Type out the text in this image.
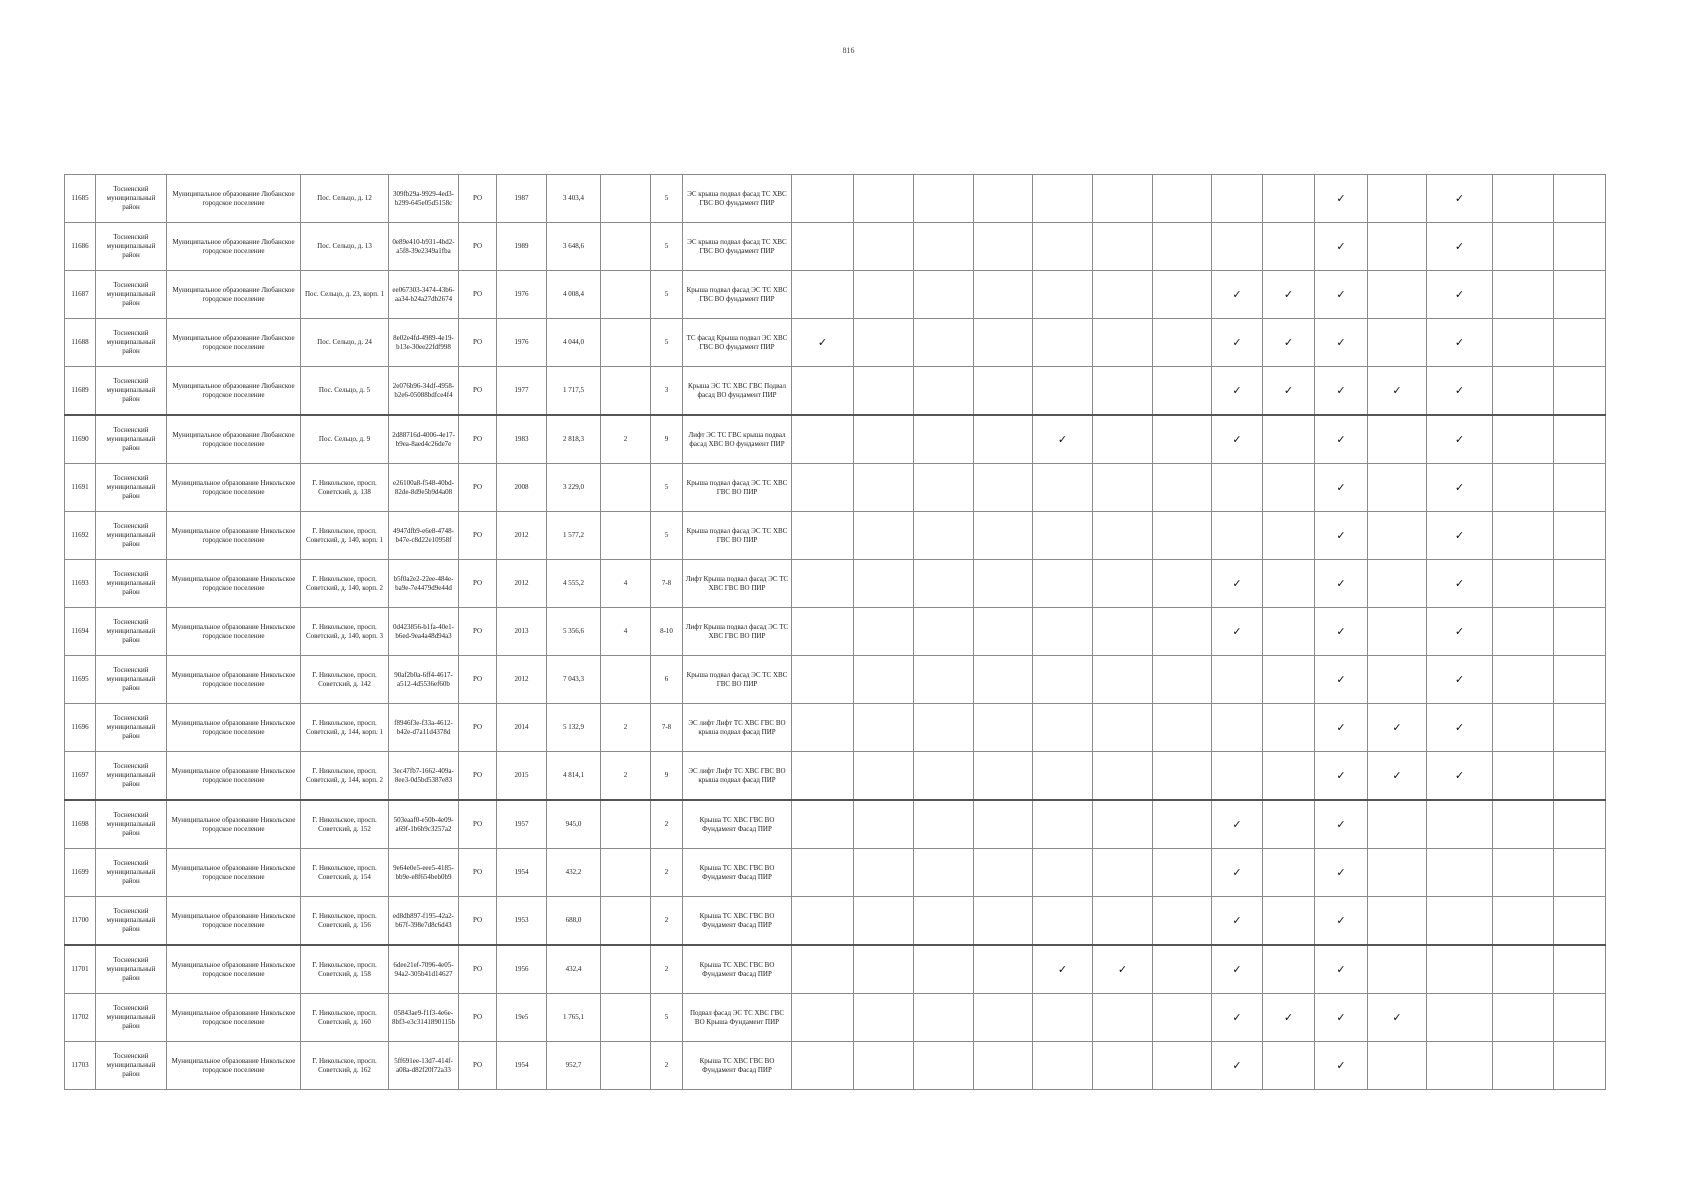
816
11685	Тосненский муниципальный район	Муниципальное образование Любанское городское поселение	Пос. Сельцо, д. 12	309fb29a-9929-4ed3-b299-645e05d5158c	РО	1987	3 403,4		5	ЭС крыша подвал фасад ТС ХВС ГВС ВО фундамент ПИР										✓		✓		
11686	Тосненский муниципальный район	Муниципальное образование Любанское городское поселение	Пос. Сельцо, д. 13	0e89e410-b931-4bd2-a5f8-39e2349a1fba	РО	1989	3 648,6		5	ЭС крыша подвал фасад ТС ХВС ГВС ВО фундамент ПИР										✓		✓		
11687	Тосненский муниципальный район	Муниципальное образование Любанское городское поселение	Пос. Сельцо, д. 23, корп. 1	ee067303-3474-43b6-aa34-b24a27db2674	РО	1976	4 008,4		5	Крыша подвал фасад ЭС ТС ХВС ГВС ВО фундамент ПИР								✓	✓	✓		✓		
11688	Тосненский муниципальный район	Муниципальное образование Любанское городское поселение	Пос. Сельцо, д. 24	8e02e4fd-4989-4e19-b13e-30ee22fdf998	РО	1976	4 044,0		5	ТС фасад Крыша подвал ЭС ХВС ГВС ВО фундамент ПИР	✓							✓	✓	✓		✓		
11689	Тосненский муниципальный район	Муниципальное образование Любанское городское поселение	Пос. Сельцо, д. 5	2e076b96-34df-4958-b2e6-05088bdfce4f4	РО	1977	1 717,5		3	Крыша ЭС ТС ХВС ГВС Подвал фасад ВО фундамент ПИР								✓	✓	✓	✓	✓		
11690	Тосненский муниципальный район	Муниципальное образование Любанское городское поселение	Пос. Сельцо, д. 9	2d88716d-4006-4e17-b9ea-8aed4c26de7e	РО	1983	2 818,3	2	9	Лифт ЭС ТС ГВС крыша подвал фасад ХВС ВО фундамент ПИР					✓			✓		✓		✓		
11691	Тосненский муниципальный район	Муниципальное образование Никольское городское поселение	Г. Никольское, просп. Советский, д. 138	e26100a8-f548-40bd-82de-8d9e5b9d4a08	РО	2008	3 229,0		5	Крыша подвал фасад ЭС ТС ХВС ГВС ВО ПИР										✓		✓		
11692	Тосненский муниципальный район	Муниципальное образование Никольское городское поселение	Г. Никольское, просп. Советский, д. 140, корп. 1	4947dfb9-e6e8-4748-b47e-c8d22e10958f	РО	2012	1 577,2		5	Крыша подвал фасад ЭС ТС ХВС ГВС ВО ПИР										✓		✓		
11693	Тосненский муниципальный район	Муниципальное образование Никольское городское поселение	Г. Никольское, просп. Советский, д. 140, корп. 2	b5f0a2e2-22ee-484e-ba9e-7e4479d9e44d	РО	2012	4 555,2	4	7-8	Лифт Крыша подвал фасад ЭС ТС ХВС ГВС ВО ПИР								✓		✓		✓		
11694	Тосненский муниципальный район	Муниципальное образование Никольское городское поселение	Г. Никольское, просп. Советский, д. 140, корп. 3	0d423856-b1fa-40e1-b6ed-9ea4a48d94a3	РО	2013	5 356,6	4	8-10	Лифт Крыша подвал фасад ЭС ТС ХВС ГВС ВО ПИР								✓		✓		✓		
11695	Тосненский муниципальный район	Муниципальное образование Никольское городское поселение	Г. Никольское, просп. Советский, д. 142	90af2b0a-6ff4-4617-a512-4d5536ef60b	РО	2012	7 043,3		6	Крыша подвал фасад ЭС ТС ХВС ГВС ВО ПИР										✓		✓		
11696	Тосненский муниципальный район	Муниципальное образование Никольское городское поселение	Г. Никольское, просп. Советский, д. 144, корп. 1	f8946f3e-f33a-4612-b42e-d7a11d4378d	РО	2014	5 132,9	2	7-8	ЭС лифт Лифт ТС ХВС ГВС ВО крыша подвал фасад ПИР										✓	✓	✓		
11697	Тосненский муниципальный район	Муниципальное образование Никольское городское поселение	Г. Никольское, просп. Советский, д. 144, корп. 2	3ec47fb7-1662-409a-8ee3-0d5bd5387e83	РО	2015	4 814,1	2	9	ЭС лифт Лифт ТС ХВС ГВС ВО крыша подвал фасад ПИР										✓	✓	✓		
11698	Тосненский муниципальный район	Муниципальное образование Никольское городское поселение	Г. Никольское, просп. Советский, д. 152	503eaaf0-e50b-4e09-a69f-1b6b9c3257a2	РО	1957	945,0		2	Крыша ТС ХВС ГВС ВО Фундамент Фасад ПИР								✓		✓				
11699	Тосненский муниципальный район	Муниципальное образование Никольское городское поселение	Г. Никольское, просп. Советский, д. 154	9e64e0e5-eee5-4185-bb9e-e8f654beb0b9	РО	1954	432,2		2	Крыша ТС ХВС ГВС ВО Фундамент Фасад ПИР								✓		✓				
11700	Тосненский муниципальный район	Муниципальное образование Никольское городское поселение	Г. Никольское, просп. Советский, д. 156	ed8db897-f195-42a2-b67f-398e7d8c6d43	РО	1953	688,0		2	Крыша ТС ХВС ГВС ВО Фундамент Фасад ПИР								✓		✓				
11701	Тосненский муниципальный район	Муниципальное образование Никольское городское поселение	Г. Никольское, просп. Советский, д. 158	6dee21ef-7096-4e05-94a2-305b41d14627	РО	1956	432,4		2	Крыша ТС ХВС ГВС ВО Фундамент Фасад ПИР					✓	✓		✓		✓				
11702	Тосненский муниципальный район	Муниципальное образование Никольское городское поселение	Г. Никольское, просп. Советский, д. 160	05843ae9-f1f3-4e6e-8bf3-e3c3141890115b	РО	19e5	1 765,1		5	Подвал фасад ЭС ТС ХВС ГВС ВО Крыша Фундамент ПИР								✓	✓	✓	✓			
11703	Тосненский муниципальный район	Муниципальное образование Никольское городское поселение	Г. Никольское, просп. Советский, д. 162	5ff691ee-13d7-414f-a08a-d82f20f72a33	РО	1954	952,7		2	Крыша ТС ХВС ГВС ВО Фундамент Фасад ПИР								✓		✓				
